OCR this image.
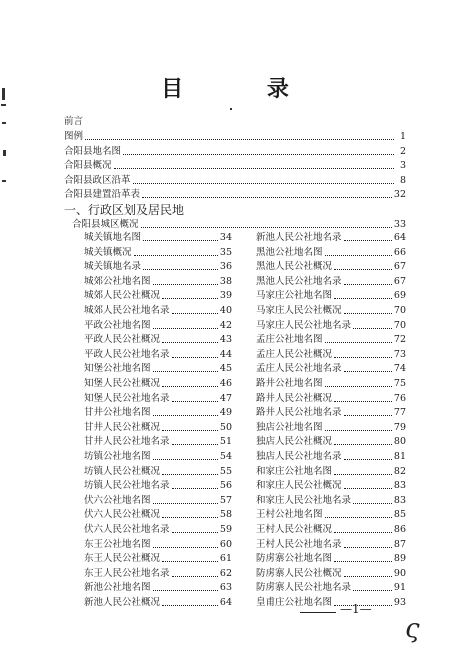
目 录
前言
图例	1
合阳县地名图	2
合阳县概况	3
合阳县政区沿革	8
合阳县建置沿革表	32
一、行政区划及居民地
合阳县城区概况	33
城关镇地名图	34
城关镇概况	35
城关镇地名录	36
城郊公社地名图	38
城郊人民公社概况	39
城郊人民公社地名录	40
平政公社地名图	42
平政人民公社概况	43
平政人民公社地名录	44
知堡公社地名图	45
知堡人民公社概况	46
知堡人民公社地名录	47
甘井公社地名图	49
甘井人民公社概况	50
甘井人民公社地名录	51
坊镇公社地名图	54
坊镇人民公社概况	55
坊镇人民公社地名录	56
伏六公社地名图	57
伏六人民公社概况	58
伏六人民公社地名录	59
东王公社地名图	60
东王人民公社概况	61
东王人民公社地名录	62
新池公社地名图	63
新池人民公社概况	64
新池人民公社地名录	64
黑池公社地名图	66
黑池人民公社概况	67
黑池人民公社地名录	67
马家庄公社地名图	69
马家庄人民公社概况	70
马家庄人民公社地名录	70
孟庄公社地名图	72
孟庄人民公社概况	73
孟庄人民公社地名录	74
路井公社地名图	75
路井人民公社概况	76
路井人民公社地名录	77
独店公社地名图	79
独店人民公社概况	80
独店人民公社地名录	81
和家庄公社地名图	82
和家庄人民公社概况	83
和家庄人民公社地名录	83
王村公社地名图	85
王村人民公社概况	86
王村人民公社地名录	87
防虏寨公社地名图	89
防虏寨人民公社概况	90
防虏寨人民公社地名录	91
皇甫庄公社地名图	93
—1—
ς
